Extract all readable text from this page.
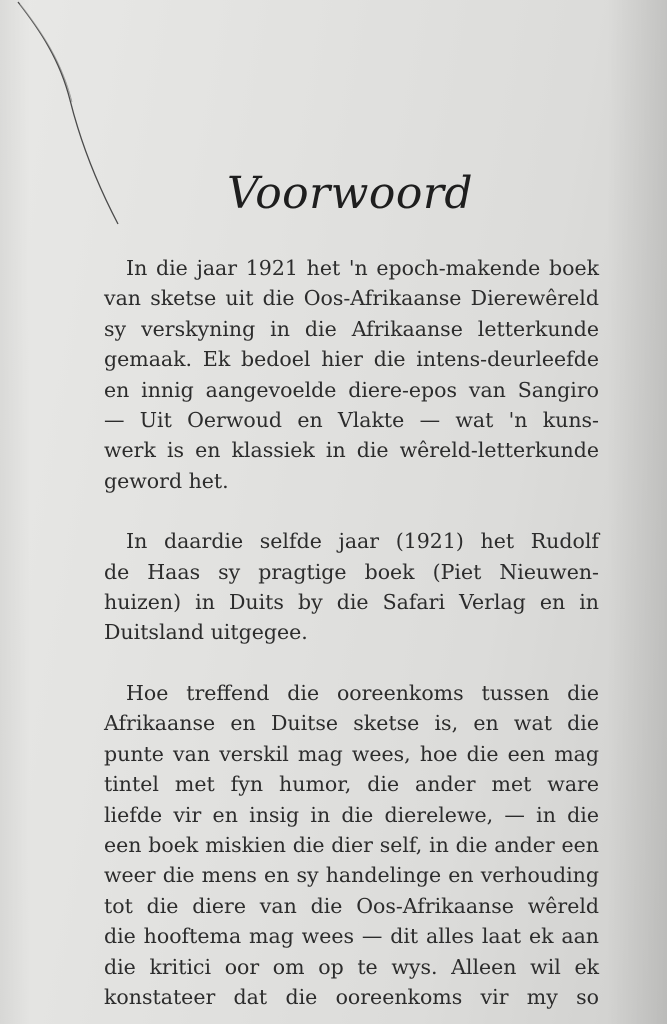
Voorwoord
In die jaar 1921 het 'n epoch-makende boek
van sketse uit die Oos-Afrikaanse Dierewêreld
sy verskyning in die Afrikaanse letterkunde
gemaak. Ek bedoel hier die intens-deurleefde
en innig aangevoelde diere-epos van Sangiro
— Uit Oerwoud en Vlakte — wat 'n kuns-
werk is en klassiek in die wêreld-letterkunde
geword het.
In daardie selfde jaar (1921) het Rudolf
de Haas sy pragtige boek (Piet Nieuwen-
huizen) in Duits by die Safari Verlag en in
Duitsland uitgegee.
Hoe treffend die ooreenkoms tussen die
Afrikaanse en Duitse sketse is, en wat die
punte van verskil mag wees, hoe die een mag
tintel met fyn humor, die ander met ware
liefde vir en insig in die dierelewe, — in die
een boek miskien die dier self, in die ander een
weer die mens en sy handelinge en verhouding
tot die diere van die Oos-Afrikaanse wêreld
die hooftema mag wees — dit alles laat ek aan
die kritici oor om op te wys. Alleen wil ek
konstateer dat die ooreenkoms vir my so
